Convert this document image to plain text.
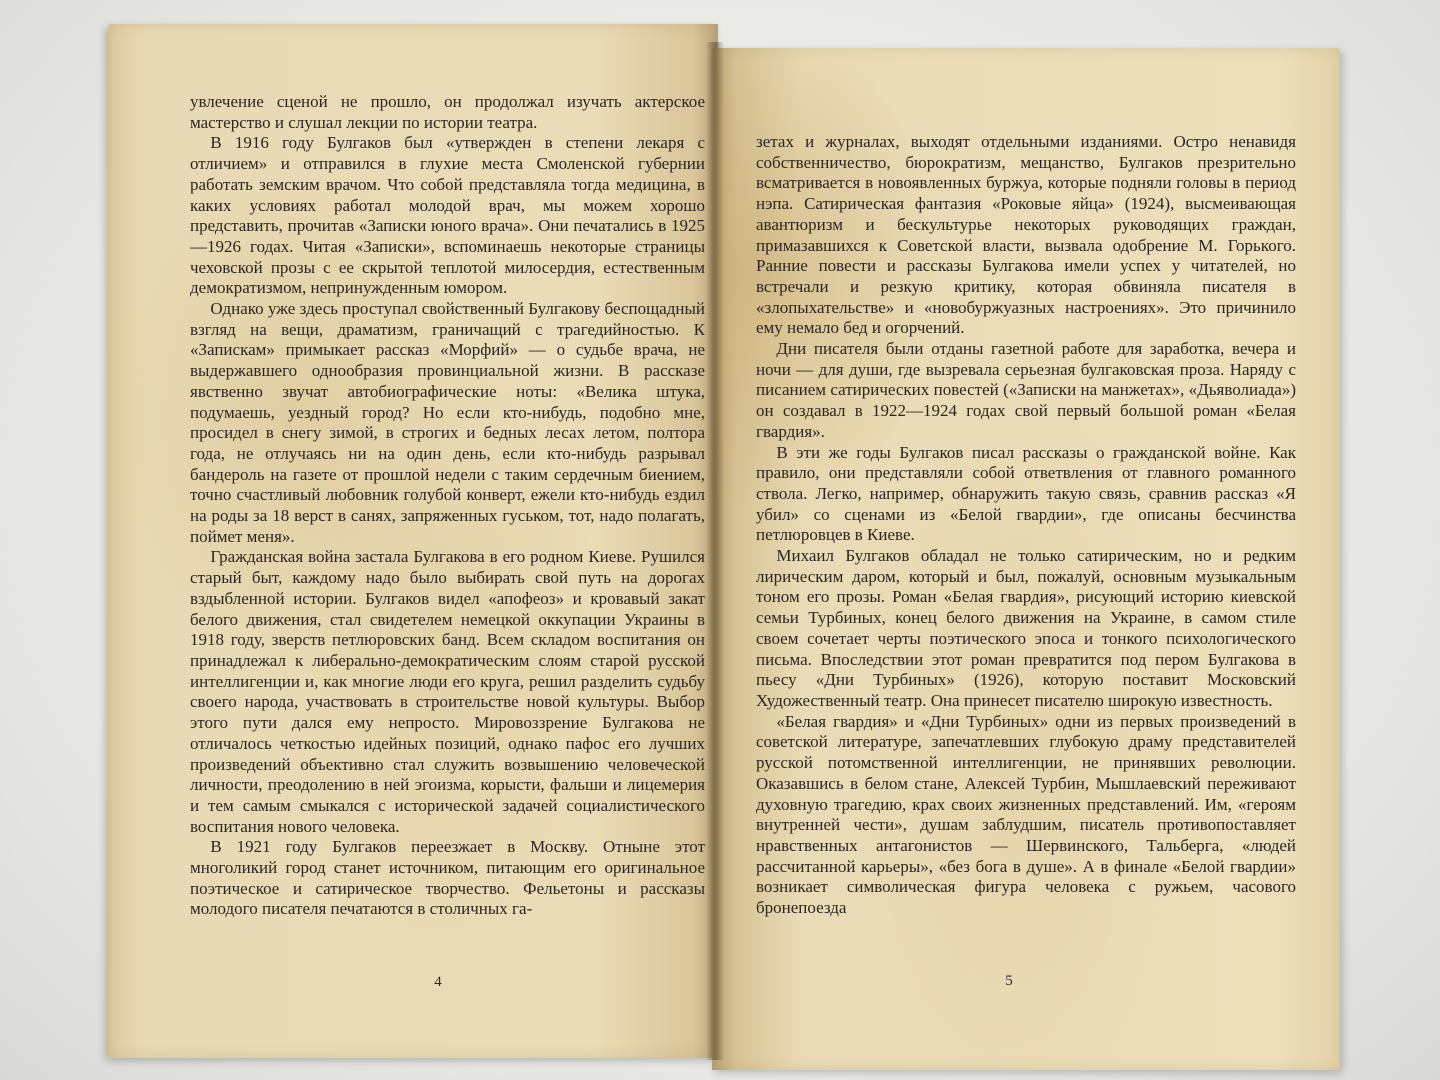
увлечение сценой не прошло, он продолжал изучать актерское мастерство и слушал лекции по истории театра.

В 1916 году Булгаков был «утвержден в степени лекаря с отличием» и отправился в глухие места Смоленской губернии работать земским врачом. Что собой представляла тогда медицина, в каких условиях работал молодой врач, мы можем хорошо представить, прочитав «Записки юного врача». Они печатались в 1925—1926 годах. Читая «Записки», вспоминаешь некоторые страницы чеховской прозы с ее скрытой теплотой милосердия, естественным демократизмом, непринужденным юмором.

Однако уже здесь проступал свойственный Булгакову беспощадный взгляд на вещи, драматизм, граничащий с трагедийностью. К «Запискам» примыкает рассказ «Морфий» — о судьбе врача, не выдержавшего однообразия провинциальной жизни. В рассказе явственно звучат автобиографические ноты: «Велика штука, подумаешь, уездный город? Но если кто-нибудь, подобно мне, просидел в снегу зимой, в строгих и бедных лесах летом, полтора года, не отлучаясь ни на один день, если кто-нибудь разрывал бандероль на газете от прошлой недели с таким сердечным биением, точно счастливый любовник голубой конверт, ежели кто-нибудь ездил на роды за 18 верст в санях, запряженных гуськом, тот, надо полагать, поймет меня».

Гражданская война застала Булгакова в его родном Киеве. Рушился старый быт, каждому надо было выбирать свой путь на дорогах вздыбленной истории. Булгаков видел «апофеоз» и кровавый закат белого движения, стал свидетелем немецкой оккупации Украины в 1918 году, зверств петлюровских банд. Всем складом воспитания он принадлежал к либерально-демократическим слоям старой русской интеллигенции и, как многие люди его круга, решил разделить судьбу своего народа, участвовать в строительстве новой культуры. Выбор этого пути дался ему непросто. Мировоззрение Булгакова не отличалось четкостью идейных позиций, однако пафос его лучших произведений объективно стал служить возвышению человеческой личности, преодолению в ней эгоизма, корысти, фальши и лицемерия и тем самым смыкался с исторической задачей социалистического воспитания нового человека.

В 1921 году Булгаков переезжает в Москву. Отныне этот многоликий город станет источником, питающим его оригинальное поэтическое и сатирическое творчество. Фельетоны и рассказы молодого писателя печатаются в столичных га-

4

зетах и журналах, выходят отдельными изданиями. Остро ненавидя собственничество, бюрократизм, мещанство, Булгаков презрительно всматривается в новоявленных буржуа, которые подняли головы в период нэпа. Сатирическая фантазия «Роковые яйца» (1924), высмеивающая авантюризм и бескультурье некоторых руководящих граждан, примазавшихся к Советской власти, вызвала одобрение М. Горького. Ранние повести и рассказы Булгакова имели успех у читателей, но встречали и резкую критику, которая обвиняла писателя в «злопыхательстве» и «новобуржуазных настроениях». Это причинило ему немало бед и огорчений.

Дни писателя были отданы газетной работе для заработка, вечера и ночи — для души, где вызревала серьезная булгаковская проза. Наряду с писанием сатирических повестей («Записки на манжетах», «Дьяволиада») он создавал в 1922—1924 годах свой первый большой роман «Белая гвардия».

В эти же годы Булгаков писал рассказы о гражданской войне. Как правило, они представляли собой ответвления от главного романного ствола. Легко, например, обнаружить такую связь, сравнив рассказ «Я убил» со сценами из «Белой гвардии», где описаны бесчинства петлюровцев в Киеве.

Михаил Булгаков обладал не только сатирическим, но и редким лирическим даром, который и был, пожалуй, основным музыкальным тоном его прозы. Роман «Белая гвардия», рисующий историю киевской семьи Турбиных, конец белого движения на Украине, в самом стиле своем сочетает черты поэтического эпоса и тонкого психологического письма. Впоследствии этот роман превратится под пером Булгакова в пьесу «Дни Турбиных» (1926), которую поставит Московский Художественный театр. Она принесет писателю широкую известность.

«Белая гвардия» и «Дни Турбиных» одни из первых произведений в советской литературе, запечатлевших глубокую драму представителей русской потомственной интеллигенции, не принявших революции. Оказавшись в белом стане, Алексей Турбин, Мышлаевский переживают духовную трагедию, крах своих жизненных представлений. Им, «героям внутренней чести», душам заблудшим, писатель противопоставляет нравственных антагонистов — Шервинского, Тальберга, «людей рассчитанной карьеры», «без бога в душе». А в финале «Белой гвардии» возникает символическая фигура человека с ружьем, часового бронепоезда

5
